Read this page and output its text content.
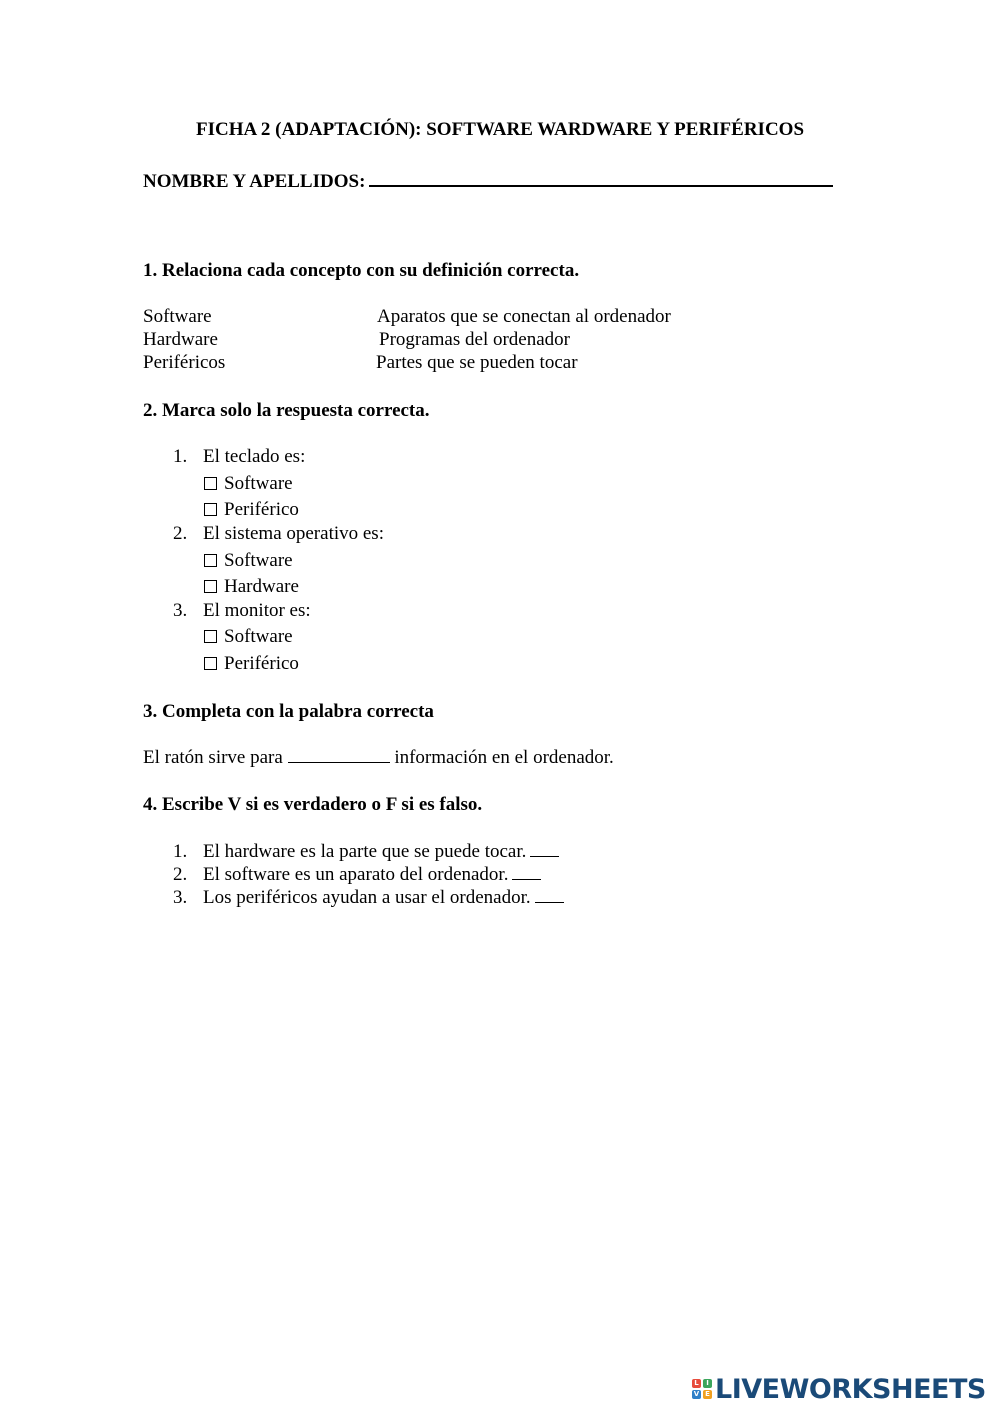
FICHA 2 (ADAPTACIÓN): SOFTWARE WARDWARE Y PERIFÉRICOS
NOMBRE Y APELLIDOS:
1. Relaciona cada concepto con su definición correcta.
Software
Hardware
Periféricos
Aparatos que se conectan al ordenador
Programas del ordenador
Partes que se pueden tocar
2. Marca solo la respuesta correcta.
1. El teclado es:
Software
Periférico
2. El sistema operativo es:
Software
Hardware
3. El monitor es:
Software
Periférico
3. Completa con la palabra correcta
El ratón sirve para	información en el ordenador.
4. Escribe V si es verdadero o F si es falso.
1. El hardware es la parte que se puede tocar.
2. El software es un aparato del ordenador.
3. Los periféricos ayudan a usar el ordenador.
L	I
V E LIVEWORKSHEETS
